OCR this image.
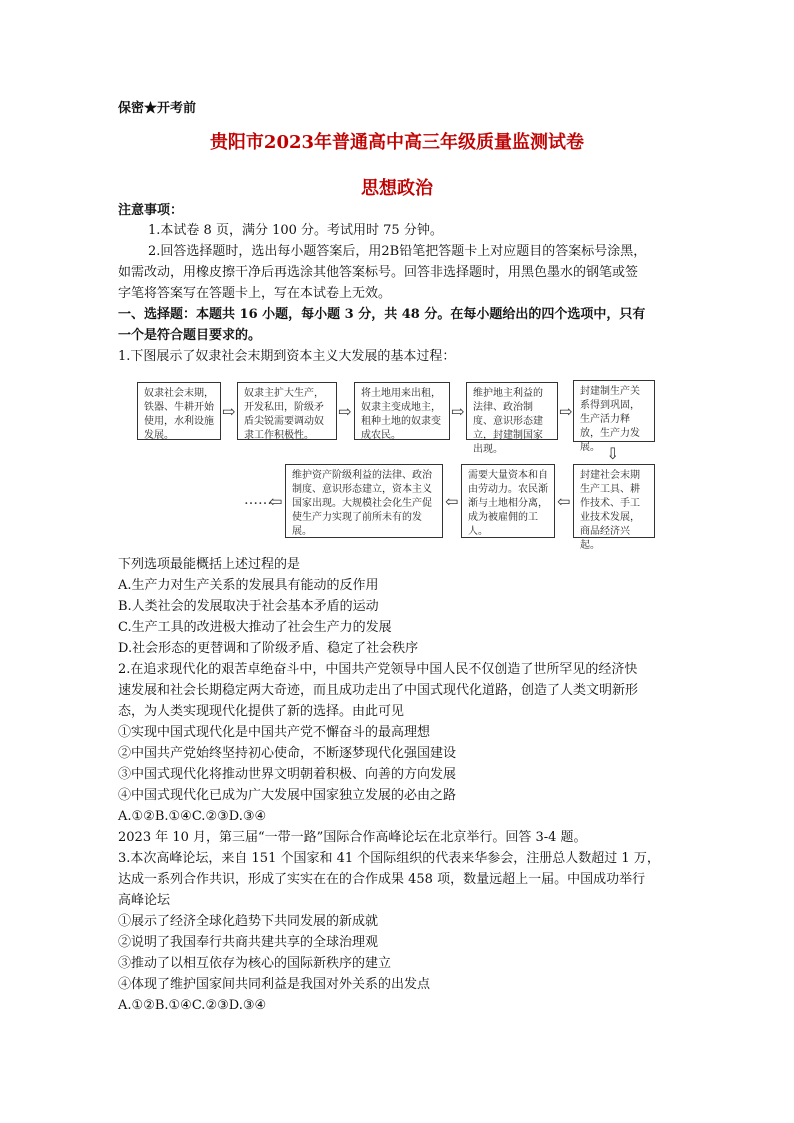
保密★开考前
贵阳市2023年普通高中高三年级质量监测试卷
思想政治
注意事项：
1.本试卷 8 页，满分 100 分。考试用时 75 分钟。
2.回答选择题时，选出每小题答案后，用2B铅笔把答题卡上对应题目的答案标号涂黑，
如需改动，用橡皮擦干净后再选涂其他答案标号。回答非选择题时，用黑色墨水的钢笔或签
字笔将答案写在答题卡上，写在本试卷上无效。
一、选择题：本题共 16 小题，每小题 3 分，共 48 分。在每小题给出的四个选项中，只有
一个是符合题目要求的。
1.下图展示了奴隶社会末期到资本主义大发展的基本过程：
奴隶社会末期，铁器、牛耕开始使用，水利设施发展。
⇨
奴隶主扩大生产，开发私田，阶级矛盾尖锐需要调动奴隶工作积极性。
⇨
将土地用来出租，奴隶主变成地主，租种土地的奴隶变成农民。
⇨
维护地主利益的法律、政治制度、意识形态建立，封建制国家出现。
⇨
封建制生产关系得到巩固，生产活力释放，生产力发展。 ⇩
封建社会末期生产工具、耕作技术、手工业技术发展，商品经济兴起。
⇦
需要大量资本和自由劳动力。农民渐渐与土地相分离，成为被雇佣的工人。
⇦
维护资产阶级利益的法律、政治制度、意识形态建立，资本主义国家出现。大规模社会化生产促使生产力实现了前所未有的发展。
⇦
……
下列选项最能概括上述过程的是
A.生产力对生产关系的发展具有能动的反作用
B.人类社会的发展取决于社会基本矛盾的运动
C.生产工具的改进极大推动了社会生产力的发展
D.社会形态的更替调和了阶级矛盾、稳定了社会秩序
2.在追求现代化的艰苦卓绝奋斗中，中国共产党领导中国人民不仅创造了世所罕见的经济快
速发展和社会长期稳定两大奇迹，而且成功走出了中国式现代化道路，创造了人类文明新形
态，为人类实现现代化提供了新的选择。由此可见
①实现中国式现代化是中国共产党不懈奋斗的最高理想
②中国共产党始终坚持初心使命，不断逐梦现代化强国建设
③中国式现代化将推动世界文明朝着积极、向善的方向发展
④中国式现代化已成为广大发展中国家独立发展的必由之路
A.①②B.①④C.②③D.③④
2023 年 10 月，第三届“一带一路”国际合作高峰论坛在北京举行。回答 3-4 题。
3.本次高峰论坛，来自 151 个国家和 41 个国际组织的代表来华参会，注册总人数超过 1 万，
达成一系列合作共识，形成了实实在在的合作成果 458 项，数量远超上一届。中国成功举行
高峰论坛
①展示了经济全球化趋势下共同发展的新成就
②说明了我国奉行共商共建共享的全球治理观
③推动了以相互依存为核心的国际新秩序的建立
④体现了维护国家间共同利益是我国对外关系的出发点
A.①②B.①④C.②③D.③④
